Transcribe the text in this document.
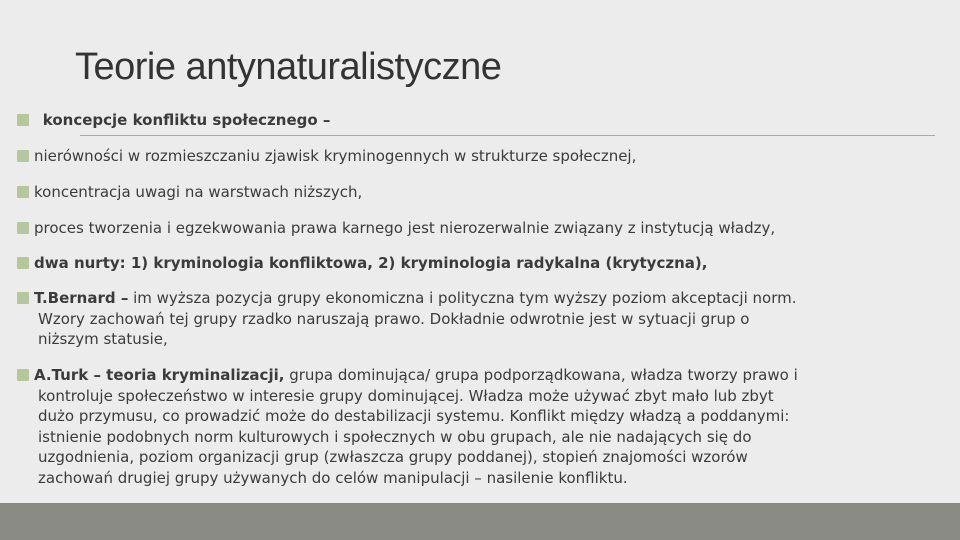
Teorie antynaturalistyczne
koncepcje konfliktu społecznego –
nierówności w rozmieszczaniu zjawisk kryminogennych w strukturze społecznej,
koncentracja uwagi na warstwach niższych,
proces tworzenia i egzekwowania prawa karnego jest nierozerwalnie związany z instytucją władzy,
dwa nurty: 1) kryminologia konfliktowa, 2) kryminologia radykalna (krytyczna),
T.Bernard – im wyższa pozycja grupy ekonomiczna i polityczna tym wyższy poziom akceptacji norm.
Wzory zachowań tej grupy rzadko naruszają prawo. Dokładnie odwrotnie jest w sytuacji grup o
niższym statusie,
A.Turk – teoria kryminalizacji, grupa dominująca/ grupa podporządkowana, władza tworzy prawo i
kontroluje społeczeństwo w interesie grupy dominującej. Władza może używać zbyt mało lub zbyt
dużo przymusu, co prowadzić może do destabilizacji systemu. Konflikt między władzą a poddanymi:
istnienie podobnych norm kulturowych i społecznych w obu grupach, ale nie nadających się do
uzgodnienia, poziom organizacji grup (zwłaszcza grupy poddanej), stopień znajomości wzorów
zachowań drugiej grupy używanych do celów manipulacji – nasilenie konfliktu.
